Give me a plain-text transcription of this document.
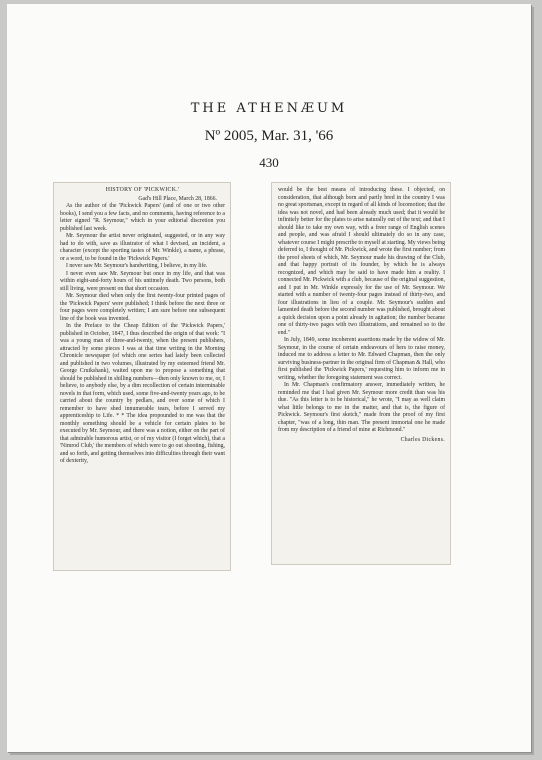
THE ATHENÆUM
Nº 2005, Mar. 31, '66
430
HISTORY OF 'PICKWICK.'
Gad's Hill Place, March 28, 1866.

As the author of the 'Pickwick Papers' (and of one or two other books), I send you a few facts, and no comments, having reference to a letter signed "R. Seymour," which in your editorial discretion you published last week.

Mr. Seymour the artist never originated, suggested, or in any way had to do with, save as illustrator of what I devised, an incident, a character (except the sporting tastes of Mr. Winkle), a name, a phrase, or a word, to be found in the 'Pickwick Papers.'

I never saw Mr. Seymour's handwriting, I believe, in my life.

I never even saw Mr. Seymour but once in my life, and that was within eight-and-forty hours of his untimely death. Two persons, both still living, were present on that short occasion.

Mr. Seymour died when only the first twenty-four printed pages of the 'Pickwick Papers' were published; I think before the next three or four pages were completely written; I am sure before one subsequent line of the book was invented.

In the Preface to the Cheap Edition of the 'Pickwick Papers,' published in October, 1847, I thus described the origin of that work: "I was a young man of three-and-twenty, when the present publishers, attracted by some pieces I was at that time writing in the Morning Chronicle newspaper (of which one series had lately been collected and published in two volumes, illustrated by my esteemed friend Mr. George Cruikshank), waited upon me to propose a something that should be published in shilling numbers—then only known to me, or, I believe, to anybody else, by a dim recollection of certain interminable novels in that form, which used, some five-and-twenty years ago, to be carried about the country by pedlars, and over some of which I remember to have shed innumerable tears, before I served my apprenticeship to Life. * * The idea propounded to me was that the monthly something should be a vehicle for certain plates to be executed by Mr. Seymour, and there was a notion, either on the part of that admirable humorous artist, or of my visitor (I forget which), that a 'Nimrod Club,' the members of which were to go out shooting, fishing, and so forth, and getting themselves into difficulties through their want of dexterity,

would be the best means of introducing these. I objected, on consideration, that although born and partly bred in the country I was no great sportsman, except in regard of all kinds of locomotion; that the idea was not novel, and had been already much used; that it would be infinitely better for the plates to arise naturally out of the text; and that I should like to take my own way, with a freer range of English scenes and people, and was afraid I should ultimately do so in any case, whatever course I might prescribe to myself at starting. My views being deferred to, I thought of Mr. Pickwick, and wrote the first number; from the proof sheets of which, Mr. Seymour made his drawing of the Club, and that happy portrait of its founder, by which he is always recognized, and which may be said to have made him a reality. I connected Mr. Pickwick with a club, because of the original suggestion, and I put in Mr. Winkle expressly for the use of Mr. Seymour. We started with a number of twenty-four pages instead of thirty-two, and four illustrations in lieu of a couple. Mr. Seymour's sudden and lamented death before the second number was published, brought about a quick decision upon a point already in agitation; the number became one of thirty-two pages with two illustrations, and remained so to the end."

In July, 1849, some incoherent assertions made by the widow of Mr. Seymour, in the course of certain endeavours of hers to raise money, induced me to address a letter to Mr. Edward Chapman, then the only surviving business-partner in the original firm of Chapman & Hall, who first published the 'Pickwick Papers,' requesting him to inform me in writing, whether the foregoing statement was correct.

In Mr. Chapman's confirmatory answer, immediately written, he reminded me that I had given Mr. Seymour more credit than was his due. "As this letter is to be historical," he wrote, "I may as well claim what little belongs to me in the matter, and that is, the figure of Pickwick. Seymour's first sketch," made from the proof of my first chapter, "was of a long, thin man. The present immortal one he made from my description of a friend of mine at Richmond."

Charles Dickens.
